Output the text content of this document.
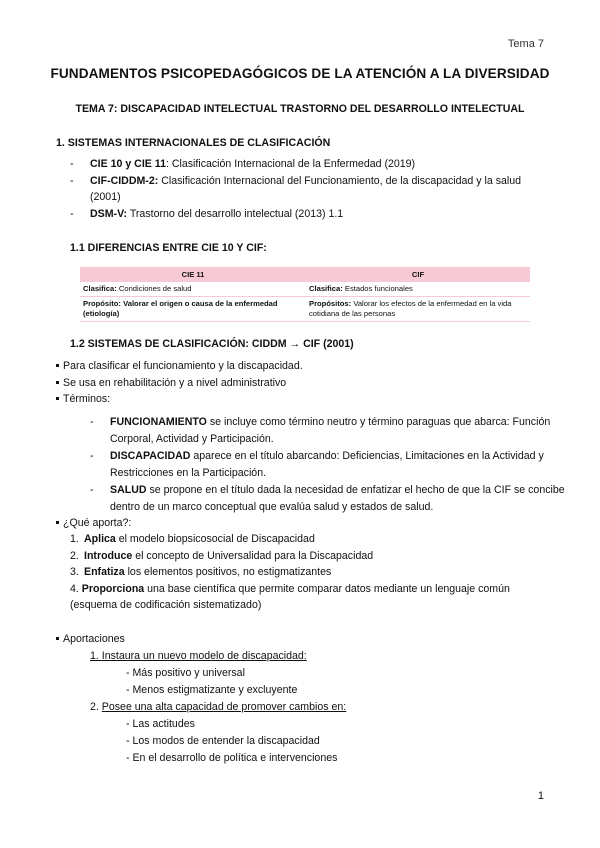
Tema 7
FUNDAMENTOS PSICOPEDAGÓGICOS DE LA ATENCIÓN A LA DIVERSIDAD
TEMA 7: DISCAPACIDAD INTELECTUAL TRASTORNO DEL DESARROLLO INTELECTUAL
1. SISTEMAS INTERNACIONALES DE CLASIFICACIÓN
- CIE 10 y CIE 11: Clasificación Internacional de la Enfermedad (2019)
- CIF-CIDDM-2: Clasificación Internacional del Funcionamiento, de la discapacidad y la salud (2001)
- DSM-V: Trastorno del desarrollo intelectual (2013) 1.1
1.1 DIFERENCIAS ENTRE CIE 10 Y CIF:
CIE 11	CIF
Clasifica: Condiciones de salud	Clasifica: Estados funcionales
Propósito: Valorar el origen o causa de la enfermedad (etiología)	Propósitos: Valorar los efectos de la enfermedad en la vida cotidiana de las personas
1.2 SISTEMAS DE CLASIFICACIÓN: CIDDM → CIF (2001)
Para clasificar el funcionamiento y la discapacidad.
Se usa en rehabilitación y a nivel administrativo
Términos:
- FUNCIONAMIENTO se incluye como término neutro y término paraguas que abarca: Función Corporal, Actividad y Participación.
- DISCAPACIDAD aparece en el título abarcando: Deficiencias, Limitaciones en la Actividad y Restricciones en la Participación.
- SALUD se propone en el título dada la necesidad de enfatizar el hecho de que la CIF se concibe dentro de un marco conceptual que evalúa salud y estados de salud.
¿Qué aporta?:
1. Aplica el modelo biopsicosocial de Discapacidad
2. Introduce el concepto de Universalidad para la Discapacidad
3. Enfatiza los elementos positivos, no estigmatizantes
4. Proporciona una base científica que permite comparar datos mediante un lenguaje común (esquema de codificación sistematizado)
Aportaciones
1. Instaura un nuevo modelo de discapacidad:
- Más positivo y universal
- Menos estigmatizante y excluyente
2. Posee una alta capacidad de promover cambios en:
- Las actitudes
- Los modos de entender la discapacidad
- En el desarrollo de política e intervenciones
1
